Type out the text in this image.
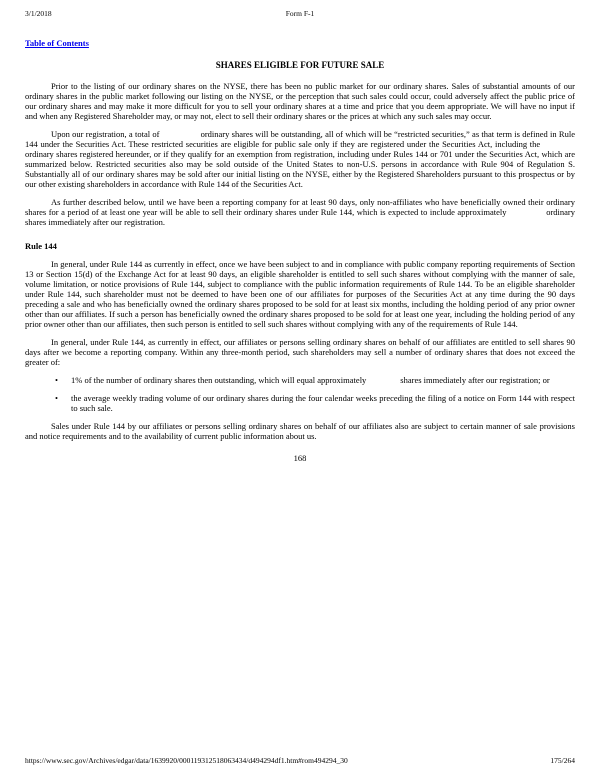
3/1/2018	Form F-1
Table of Contents
SHARES ELIGIBLE FOR FUTURE SALE

Prior to the listing of our ordinary shares on the NYSE, there has been no public market for our ordinary shares. Sales of substantial amounts of our ordinary shares in the public market following our listing on the NYSE, or the perception that such sales could occur, could adversely affect the public price of our ordinary shares and may make it more difficult for you to sell your ordinary shares at a time and price that you deem appropriate. We will have no input if and when any Registered Shareholder may, or may not, elect to sell their ordinary shares or the prices at which any such sales may occur.

Upon our registration, a total of                  ordinary shares will be outstanding, all of which will be “restricted securities,” as that term is defined in Rule 144 under the Securities Act. These restricted securities are eligible for public sale only if they are registered under the Securities Act, including the              ordinary shares registered hereunder, or if they qualify for an exemption from registration, including under Rules 144 or 701 under the Securities Act, which are summarized below. Restricted securities also may be sold outside of the United States to non-U.S. persons in accordance with Rule 904 of Regulation S. Substantially all of our ordinary shares may be sold after our initial listing on the NYSE, either by the Registered Shareholders pursuant to this prospectus or by our other existing shareholders in accordance with Rule 144 of the Securities Act.

As further described below, until we have been a reporting company for at least 90 days, only non-affiliates who have beneficially owned their ordinary shares for a period of at least one year will be able to sell their ordinary shares under Rule 144, which is expected to include approximately                ordinary shares immediately after our registration.

Rule 144

In general, under Rule 144 as currently in effect, once we have been subject to and in compliance with public company reporting requirements of Section 13 or Section 15(d) of the Exchange Act for at least 90 days, an eligible shareholder is entitled to sell such shares without complying with the manner of sale, volume limitation, or notice provisions of Rule 144, subject to compliance with the public information requirements of Rule 144. To be an eligible shareholder under Rule 144, such shareholder must not be deemed to have been one of our affiliates for purposes of the Securities Act at any time during the 90 days preceding a sale and who has beneficially owned the ordinary shares proposed to be sold for at least six months, including the holding period of any prior owner other than our affiliates. If such a person has beneficially owned the ordinary shares proposed to be sold for at least one year, including the holding period of any prior owner other than our affiliates, then such person is entitled to sell such shares without complying with any of the requirements of Rule 144.

In general, under Rule 144, as currently in effect, our affiliates or persons selling ordinary shares on behalf of our affiliates are entitled to sell shares 90 days after we become a reporting company. Within any three-month period, such shareholders may sell a number of ordinary shares that does not exceed the greater of:

•	1% of the number of ordinary shares then outstanding, which will equal approximately                shares immediately after our registration; or
•	the average weekly trading volume of our ordinary shares during the four calendar weeks preceding the filing of a notice on Form 144 with respect to such sale.

Sales under Rule 144 by our affiliates or persons selling ordinary shares on behalf of our affiliates also are subject to certain manner of sale provisions and notice requirements and to the availability of current public information about us.

168
https://www.sec.gov/Archives/edgar/data/1639920/000119312518063434/d494294df1.htm#rom494294_30	175/264
